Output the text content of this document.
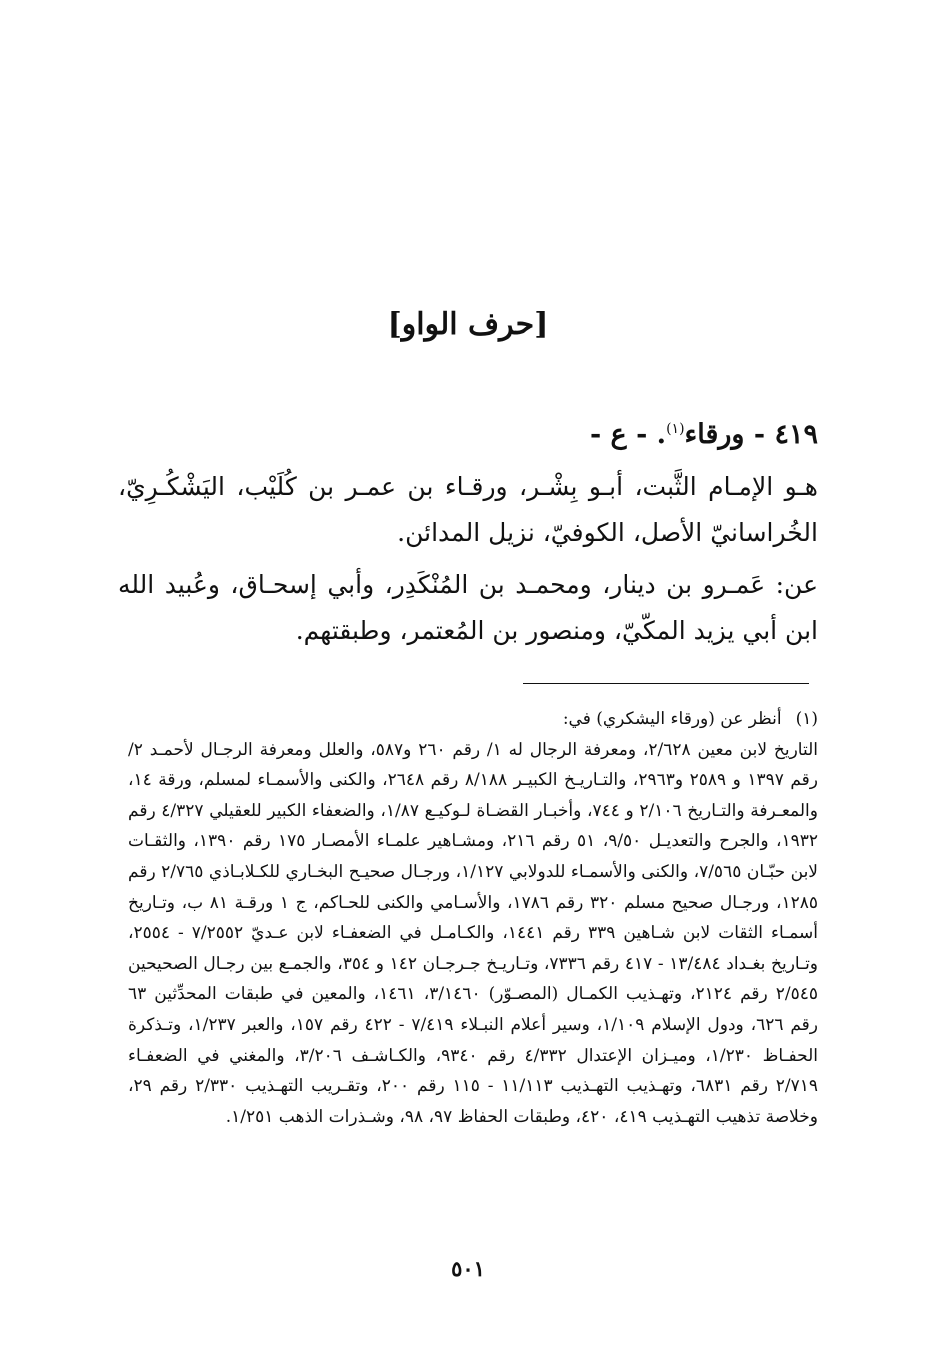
[حرف الواو]
٤١٩ - ورقاء$^{(١)}$. - ع -

هـو الإمـام الثَّبت، أبـو بِشْـر، ورقـاء بن عمـر بن كُلَيْب، اليَشْكُـرِيّ، الخُراسانيّ الأصل، الكوفيّ، نزيل المدائن.

عن: عَمـرو بن دينار، ومحمـد بن المُنْكَدِر، وأبي إسحـاق، وعُبيد الله ابن أبي يزيد المكّيّ، ومنصور بن المُعتمر، وطبقتهم.

(١)
أنظر عن (ورقاء اليشكري) في:
التاريخ لابن معين ٢/٦٢٨، ومعرفة الرجال له ١/ رقم ٢٦٠ و٥٨٧، والعلل ومعرفة الرجـال لأحمـد ٢/ رقم ١٣٩٧ و ٢٥٨٩ و٢٩٦٣، والتـاريـخ الكبيـر ٨/١٨٨ رقم ٢٦٤٨، والكنى والأسمـاء لمسلم، ورقة ١٤، والمعـرفة والتـاريخ ٢/١٠٦ و ٧٤٤، وأخبـار القضـاة لـوكيـع ١/٨٧، والضعفاء الكبير للعقيلي ٤/٣٢٧ رقم ١٩٣٢، والجرح والتعديـل ٩/٥٠، ٥١ رقم ٢١٦، ومشـاهير علمـاء الأمصـار ١٧٥ رقم ١٣٩٠، والثقـات لابن حبّـان ٧/٥٦٥، والكنى والأسمـاء للدولابي ١/١٢٧، ورجـال صحيـح البخـاري للكـلابـاذي ٢/٧٦٥ رقم ١٢٨٥، ورجـال صحيح مسلم ٣٢٠ رقم ١٧٨٦، والأسـامي والكنى للحـاكم، ج ١ ورقـة ٨١ ب، وتـاريخ أسمـاء الثقات لابن شـاهين ٣٣٩ رقم ١٤٤١، والكـامـل في الضعفـاء لابن عـديّ ٧/٢٥٥٢ - ٢٥٥٤، وتـاريخ بغـداد ١٣/٤٨٤ - ٤١٧ رقم ٧٣٣٦، وتـاريـخ جـرجـان ١٤٢ و ٣٥٤، والجمـع بين رجـال الصحيحين ٢/٥٤٥ رقم ٢١٢٤، وتهـذيب الكمـال (المصـوّر) ٣/١٤٦٠، ١٤٦١، والمعين في طبقات المحدِّثين ٦٣ رقم ٦٢٦، ودول الإسلام ١/١٠٩، وسير أعلام النبـلاء ٧/٤١٩ - ٤٢٢ رقم ١٥٧، والعبر ١/٢٣٧، وتـذكرة الحفـاظ ١/٢٣٠، وميـزان الإعتدال ٤/٣٣٢ رقم ٩٣٤٠، والكـاشـف ٣/٢٠٦، والمغني في الضعفـاء ٢/٧١٩ رقم ٦٨٣١، وتهـذيب التهـذيب ١١/١١٣ - ١١٥ رقم ٢٠٠، وتقـريب التهـذيب ٢/٣٣٠ رقم ٢٩، وخلاصة تذهيب التهـذيب ٤١٩، ٤٢٠، وطبقات الحفاظ ٩٧، ٩٨، وشـذرات الذهب ١/٢٥١.
٥٠١
